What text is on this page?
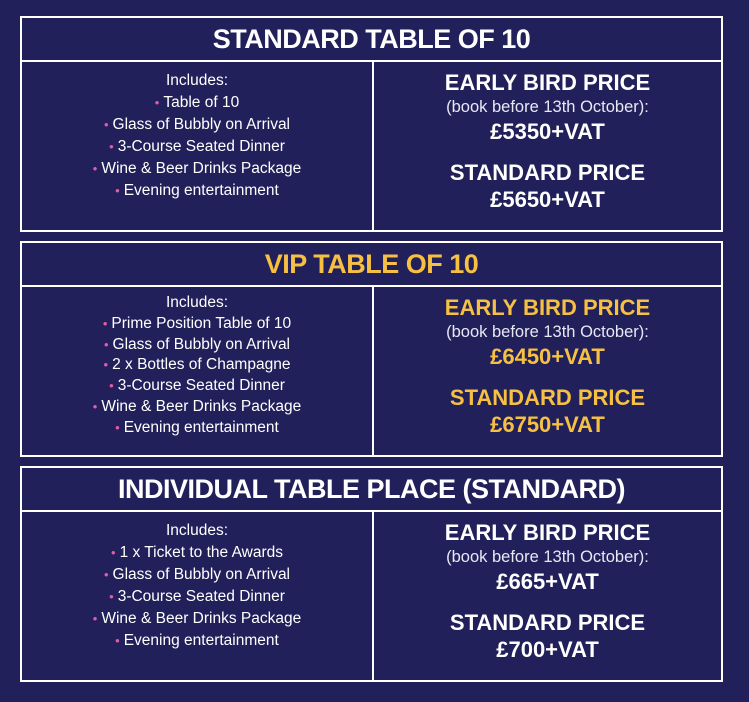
STANDARD TABLE OF 10

Includes:

• Table of 10
• Glass of Bubbly on Arrival
• 3-Course Seated Dinner
• Wine & Beer Drinks Package
• Evening entertainment
EARLY BIRD PRICE
(book before 13th October):
£5350+VAT
STANDARD PRICE
£5650+VAT
VIP TABLE OF 10

Includes:

• Prime Position Table of 10
• Glass of Bubbly on Arrival
• 2 x Bottles of Champagne
• 3-Course Seated Dinner
• Wine & Beer Drinks Package
• Evening entertainment
EARLY BIRD PRICE
(book before 13th October):
£6450+VAT
STANDARD PRICE
£6750+VAT
INDIVIDUAL TABLE PLACE (STANDARD)

Includes:

• 1 x Ticket to the Awards
• Glass of Bubbly on Arrival
• 3-Course Seated Dinner
• Wine & Beer Drinks Package
• Evening entertainment
EARLY BIRD PRICE
(book before 13th October):
£665+VAT
STANDARD PRICE
£700+VAT
